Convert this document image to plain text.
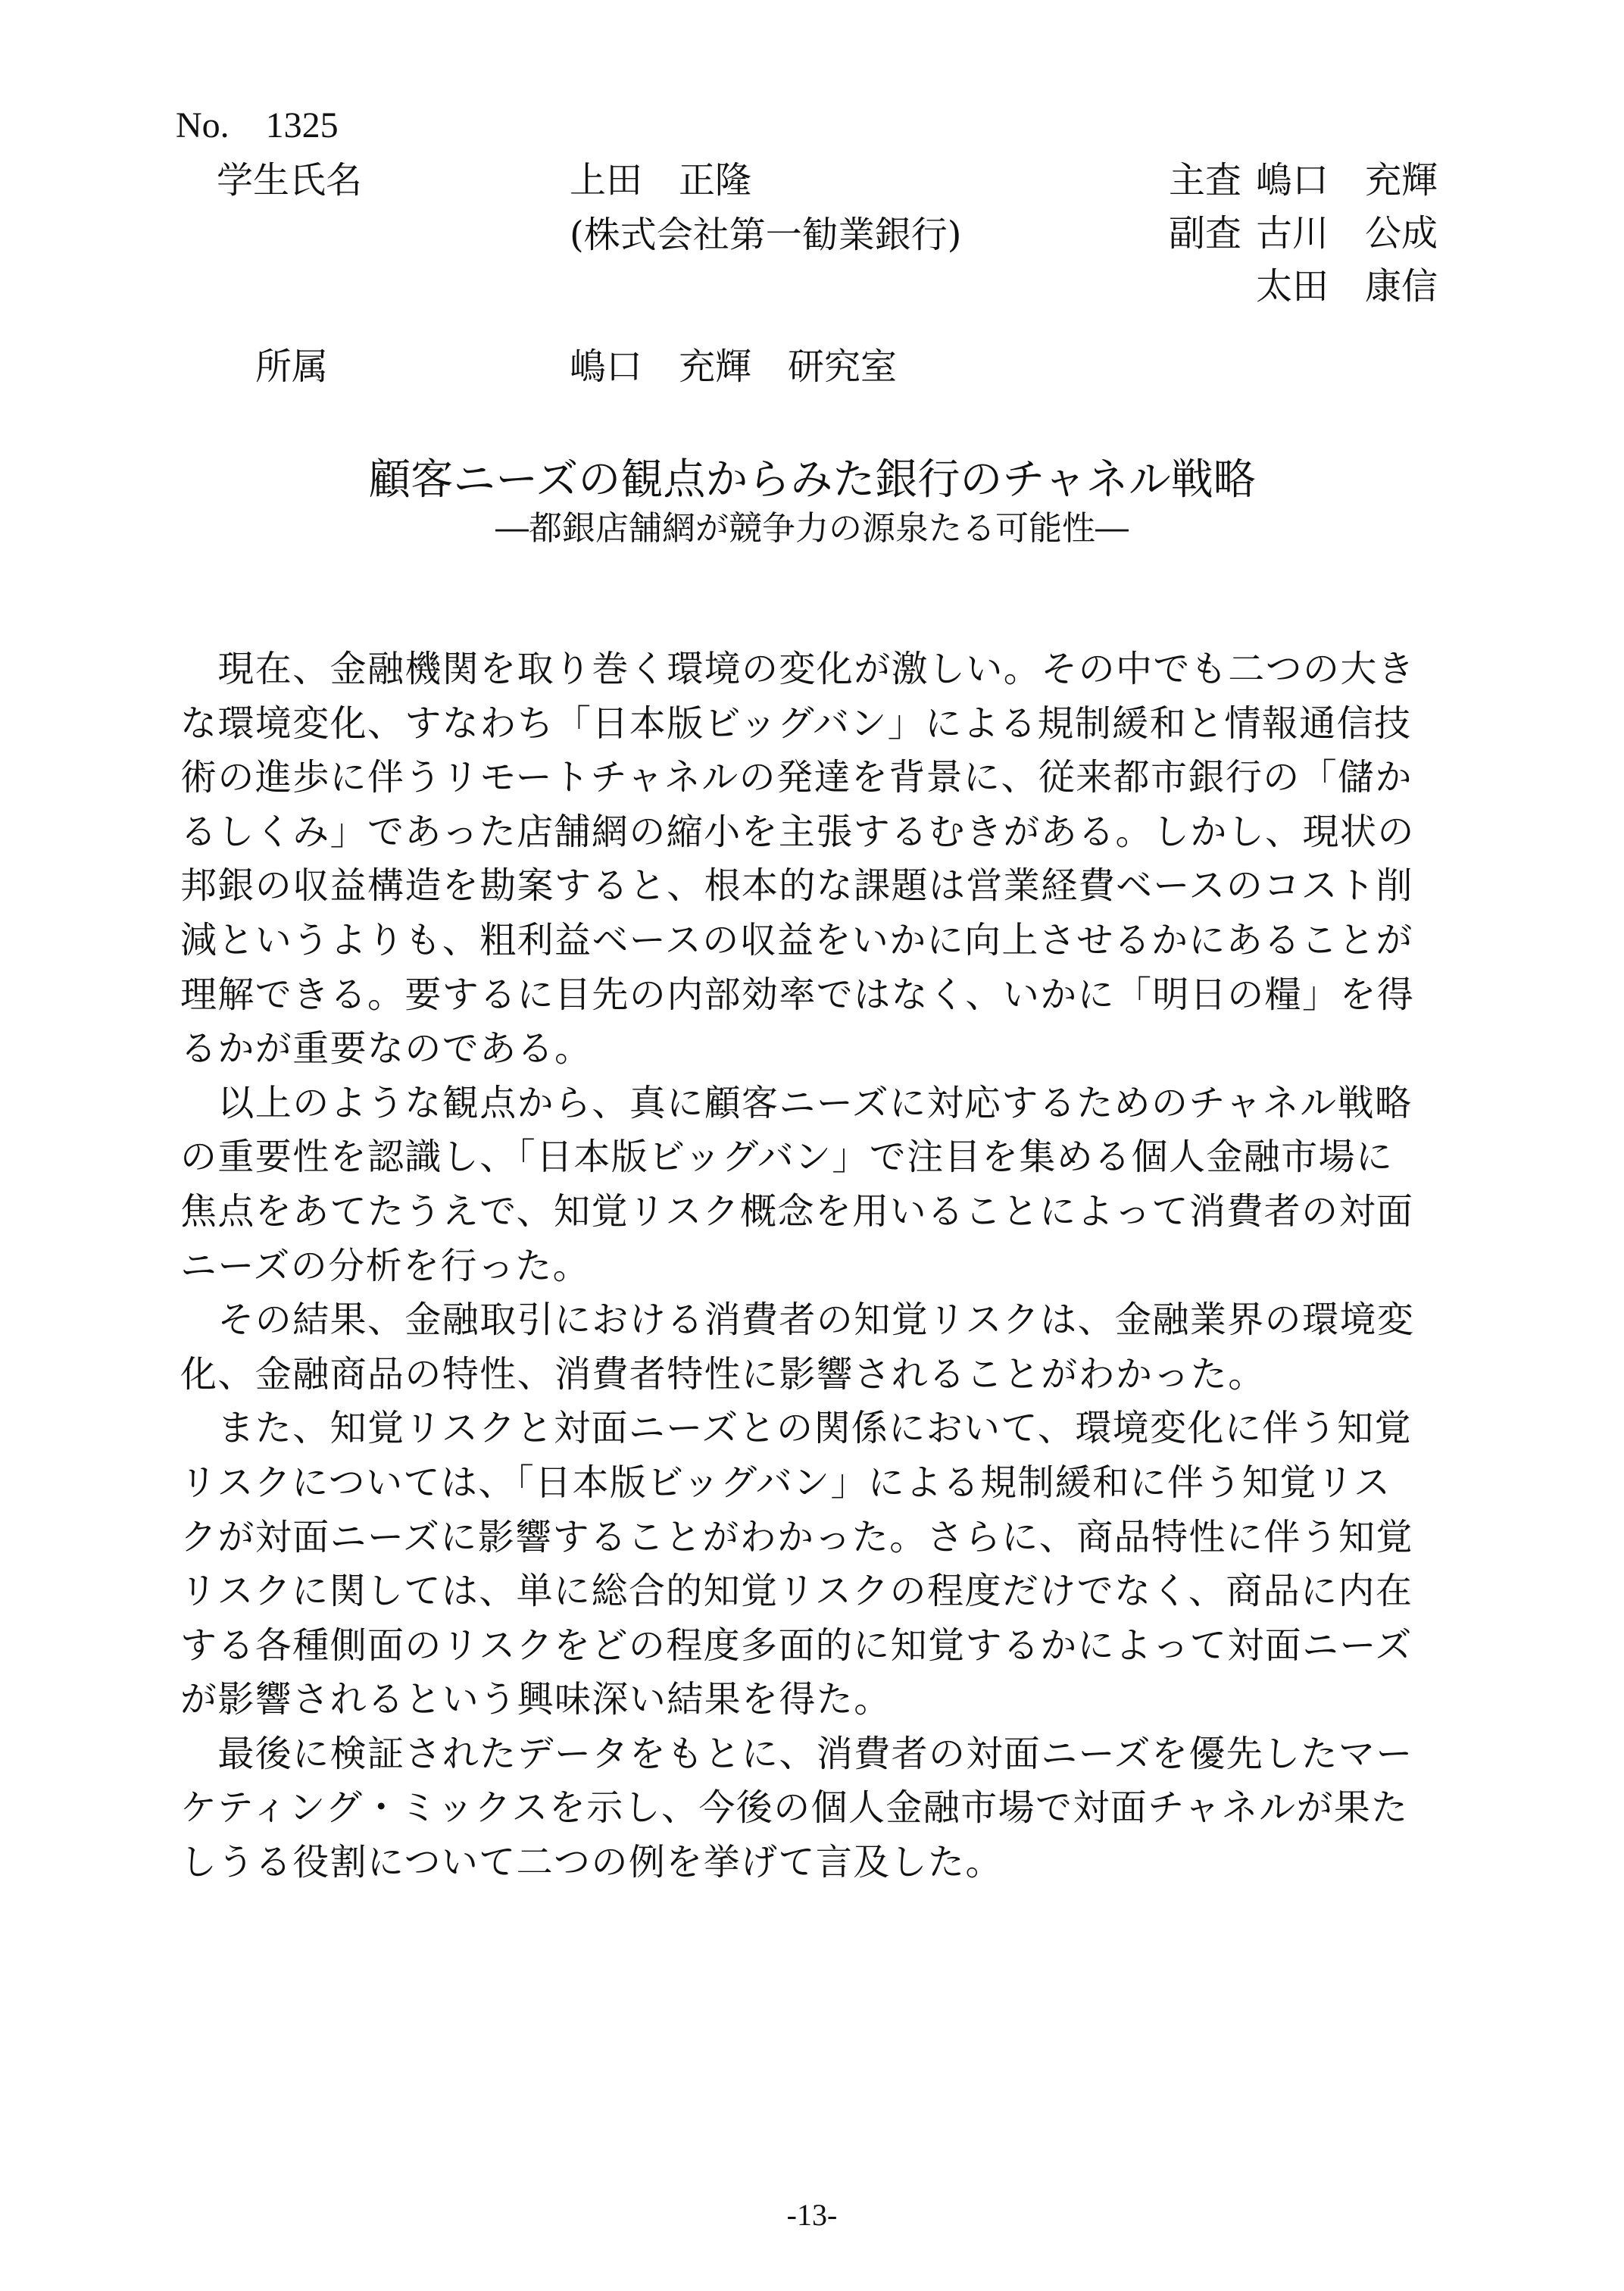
No.　1325
学生氏名	上田　正隆
(株式会社第一勧業銀行)
主査 嶋口　充輝
副査 古川　公成
太田　康信
所属	嶋口　充輝　研究室
顧客ニーズの観点からみた銀行のチャネル戦略
―都銀店舗網が競争力の源泉たる可能性―
　現在、金融機関を取り巻く環境の変化が激しい。その中でも二つの大き
な環境変化、すなわち「日本版ビッグバン」による規制緩和と情報通信技
術の進歩に伴うリモートチャネルの発達を背景に、従来都市銀行の「儲か
るしくみ」であった店舗網の縮小を主張するむきがある。しかし、現状の
邦銀の収益構造を勘案すると、根本的な課題は営業経費ベースのコスト削
減というよりも、粗利益ベースの収益をいかに向上させるかにあることが
理解できる。要するに目先の内部効率ではなく、いかに「明日の糧」を得
るかが重要なのである。
　以上のような観点から、真に顧客ニーズに対応するためのチャネル戦略
の重要性を認識し、「日本版ビッグバン」で注目を集める個人金融市場に
焦点をあてたうえで、知覚リスク概念を用いることによって消費者の対面
ニーズの分析を行った。
　その結果、金融取引における消費者の知覚リスクは、金融業界の環境変
化、金融商品の特性、消費者特性に影響されることがわかった。
　また、知覚リスクと対面ニーズとの関係において、環境変化に伴う知覚
リスクについては、「日本版ビッグバン」による規制緩和に伴う知覚リス
クが対面ニーズに影響することがわかった。さらに、商品特性に伴う知覚
リスクに関しては、単に総合的知覚リスクの程度だけでなく、商品に内在
する各種側面のリスクをどの程度多面的に知覚するかによって対面ニーズ
が影響されるという興味深い結果を得た。
　最後に検証されたデータをもとに、消費者の対面ニーズを優先したマー
ケティング・ミックスを示し、今後の個人金融市場で対面チャネルが果た
しうる役割について二つの例を挙げて言及した。
-13-
